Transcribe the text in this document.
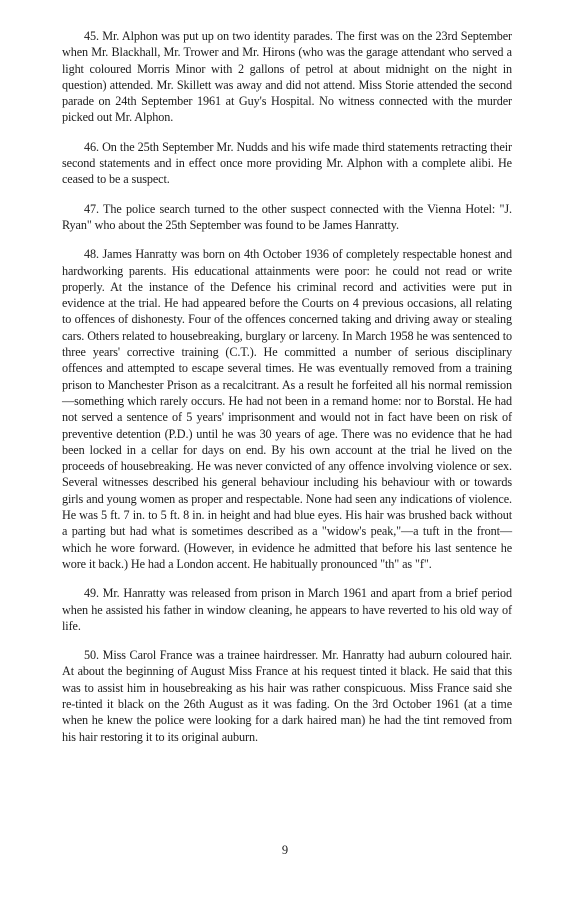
45. Mr. Alphon was put up on two identity parades. The first was on the 23rd September when Mr. Blackhall, Mr. Trower and Mr. Hirons (who was the garage attendant who served a light coloured Morris Minor with 2 gallons of petrol at about midnight on the night in question) attended. Mr. Skillett was away and did not attend. Miss Storie attended the second parade on 24th September 1961 at Guy's Hospital. No witness connected with the murder picked out Mr. Alphon.

46. On the 25th September Mr. Nudds and his wife made third statements retracting their second statements and in effect once more providing Mr. Alphon with a complete alibi. He ceased to be a suspect.

47. The police search turned to the other suspect connected with the Vienna Hotel: "J. Ryan" who about the 25th September was found to be James Hanratty.

48. James Hanratty was born on 4th October 1936 of completely respectable honest and hardworking parents. His educational attainments were poor: he could not read or write properly. At the instance of the Defence his criminal record and activities were put in evidence at the trial. He had appeared before the Courts on 4 previous occasions, all relating to offences of dishonesty. Four of the offences concerned taking and driving away or stealing cars. Others related to housebreaking, burglary or larceny. In March 1958 he was sentenced to three years' corrective training (C.T.). He committed a number of serious disciplinary offences and attempted to escape several times. He was eventually removed from a training prison to Manchester Prison as a recalcitrant. As a result he forfeited all his normal remission—something which rarely occurs. He had not been in a remand home: nor to Borstal. He had not served a sentence of 5 years' imprisonment and would not in fact have been on risk of preventive detention (P.D.) until he was 30 years of age. There was no evidence that he had been locked in a cellar for days on end. By his own account at the trial he lived on the proceeds of housebreaking. He was never convicted of any offence involving violence or sex. Several witnesses described his general behaviour including his behaviour with or towards girls and young women as proper and respectable. None had seen any indications of violence. He was 5 ft. 7 in. to 5 ft. 8 in. in height and had blue eyes. His hair was brushed back without a parting but had what is sometimes described as a "widow's peak,"—a tuft in the front—which he wore forward. (However, in evidence he admitted that before his last sentence he wore it back.) He had a London accent. He habitually pronounced "th" as "f".

49. Mr. Hanratty was released from prison in March 1961 and apart from a brief period when he assisted his father in window cleaning, he appears to have reverted to his old way of life.

50. Miss Carol France was a trainee hairdresser. Mr. Hanratty had auburn coloured hair. At about the beginning of August Miss France at his request tinted it black. He said that this was to assist him in housebreaking as his hair was rather conspicuous. Miss France said she re-tinted it black on the 26th August as it was fading. On the 3rd October 1961 (at a time when he knew the police were looking for a dark haired man) he had the tint removed from his hair restoring it to its original auburn.

9
